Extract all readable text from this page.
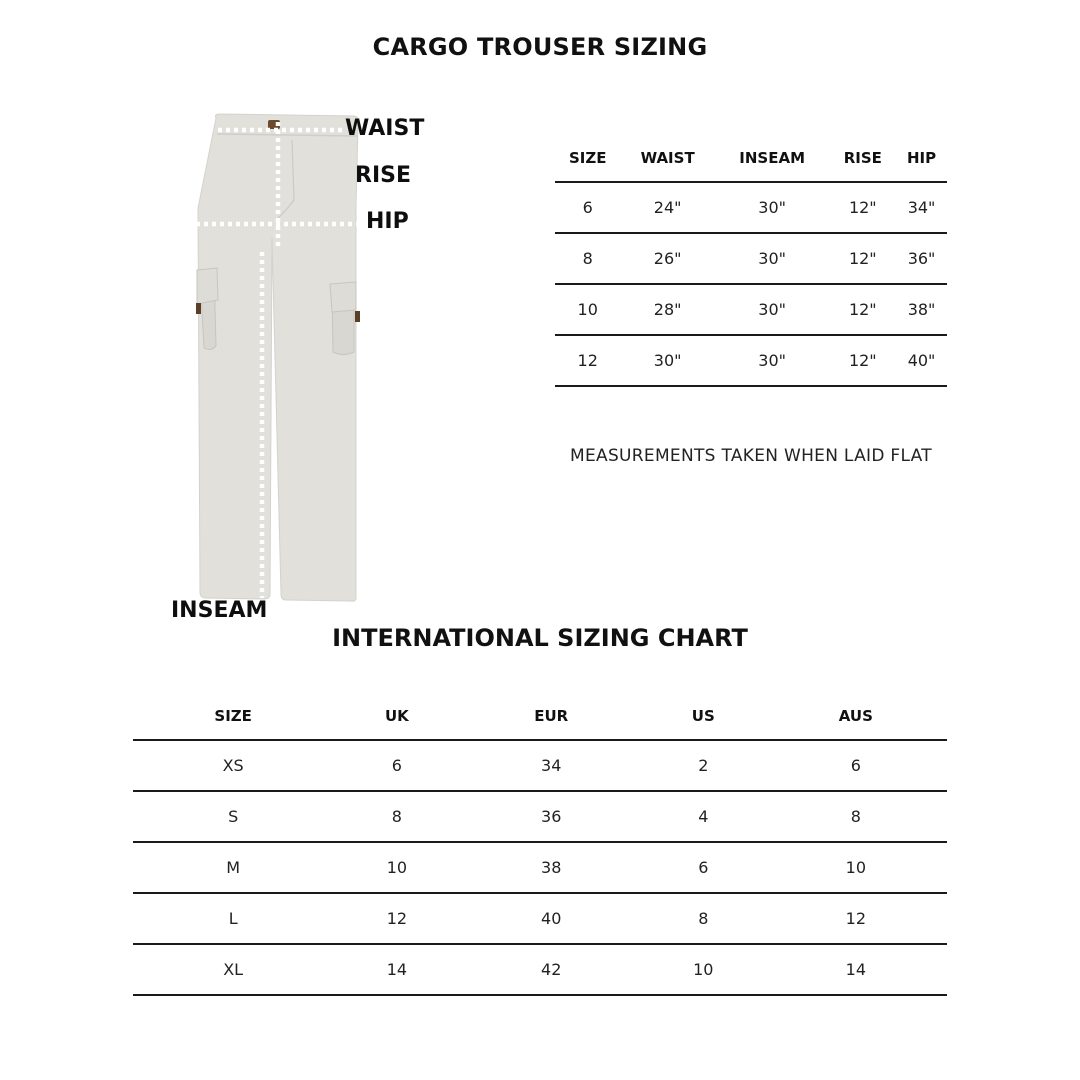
CARGO TROUSER SIZING
WAIST
RISE
HIP
INSEAM
SIZE	WAIST	INSEAM	RISE	HIP
6	24"	30"	12"	34"
8	26"	30"	12"	36"
10	28"	30"	12"	38"
12	30"	30"	12"	40"
MEASUREMENTS TAKEN WHEN LAID FLAT
INTERNATIONAL SIZING CHART
SIZE	UK	EUR	US	AUS
XS	6	34	2	6
S	8	36	4	8
M	10	38	6	10
L	12	40	8	12
XL	14	42	10	14
